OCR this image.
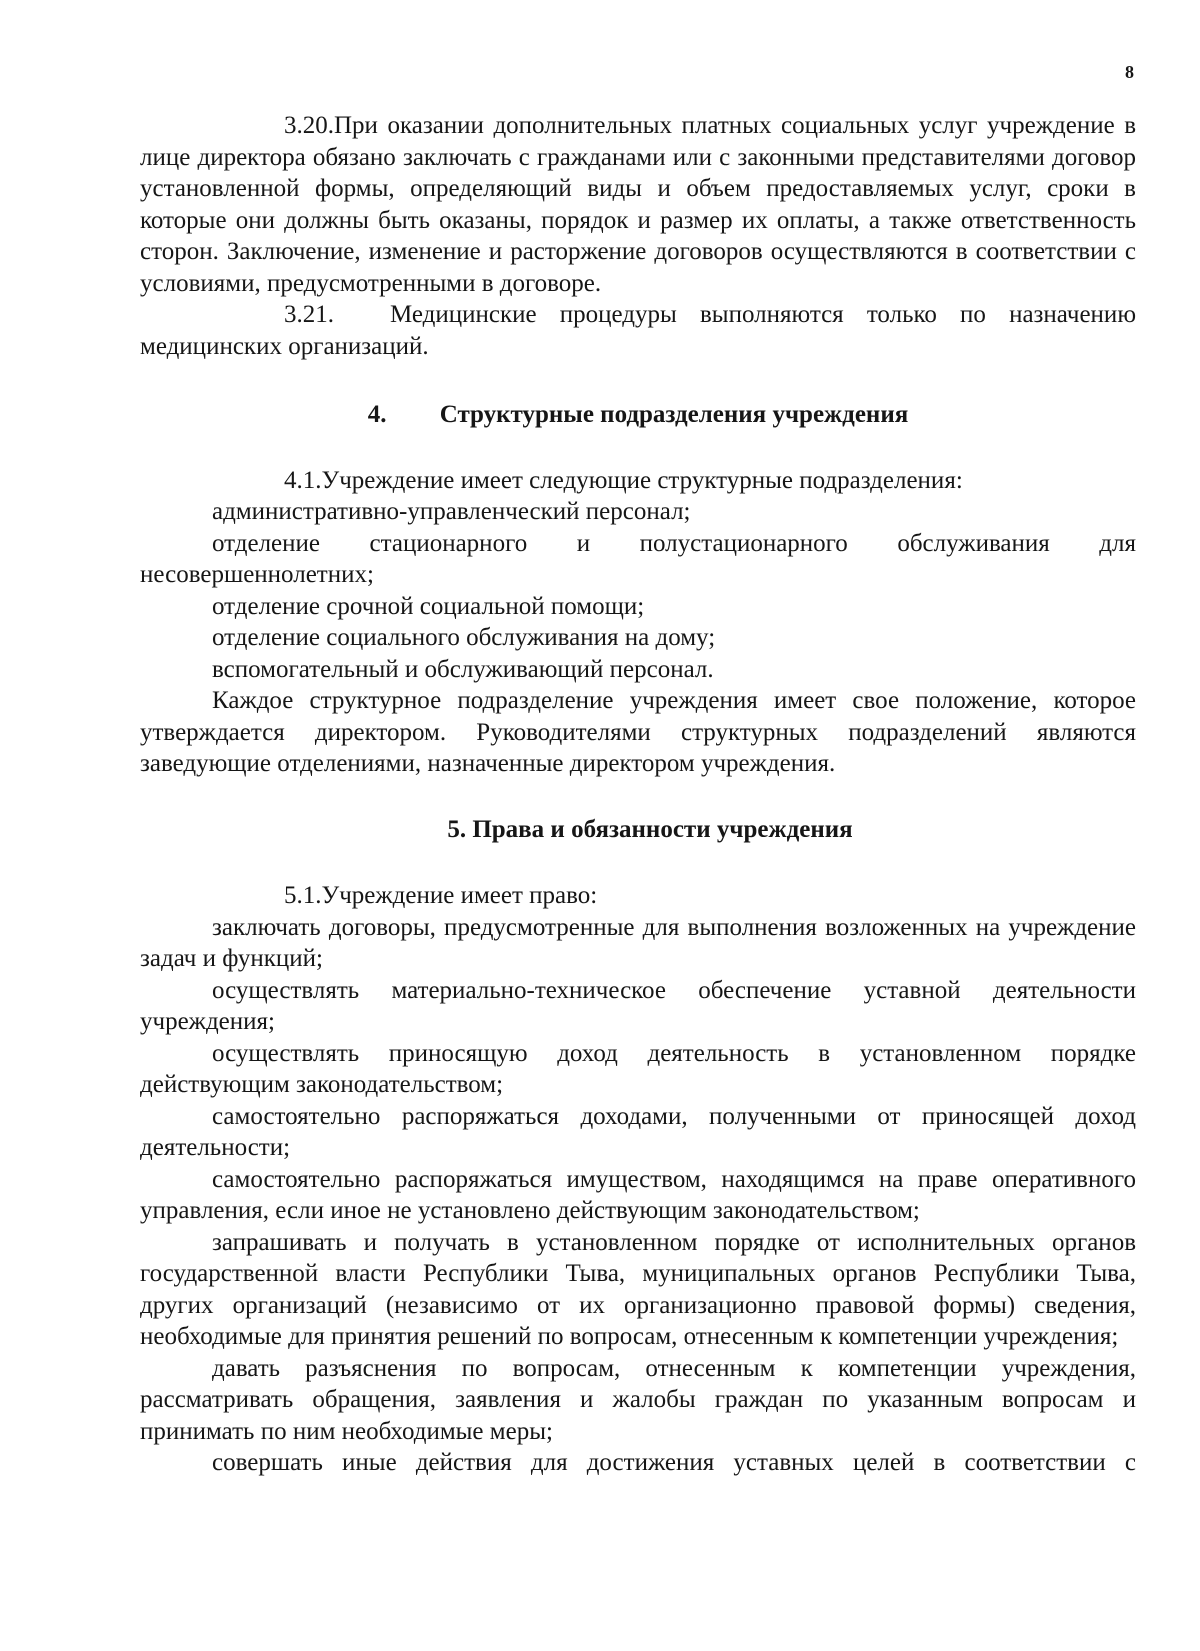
8

3.20.При оказании дополнительных платных социальных услуг учреждение в лице директора обязано заключать с гражданами или с законными представителями договор установленной формы, определяющий виды и объем предоставляемых услуг, сроки в которые они должны быть оказаны, порядок и размер их оплаты, а также ответственность сторон. Заключение, изменение и расторжение договоров осуществляются в соответствии с условиями, предусмотренными в договоре.

3.21. Медицинские процедуры выполняются только по назначению медицинских организаций.

4. Структурные подразделения учреждения

4.1.Учреждение имеет следующие структурные подразделения:

административно-управленческий персонал;

отделение стационарного и полустационарного обслуживания для несовершеннолетних;

отделение срочной социальной помощи;

отделение социального обслуживания на дому;

вспомогательный и обслуживающий персонал.

Каждое структурное подразделение учреждения имеет свое положение, которое утверждается директором. Руководителями структурных подразделений являются заведующие отделениями, назначенные директором учреждения.

5. Права и обязанности учреждения

5.1.Учреждение имеет право:

заключать договоры, предусмотренные для выполнения возложенных на учреждение задач и функций;

осуществлять материально-техническое обеспечение уставной деятельности учреждения;

осуществлять приносящую доход деятельность в установленном порядке действующим законодательством;

самостоятельно распоряжаться доходами, полученными от приносящей доход деятельности;

самостоятельно распоряжаться имуществом, находящимся на праве оперативного управления, если иное не установлено действующим законодательством;

запрашивать и получать в установленном порядке от исполнительных органов государственной власти Республики Тыва, муниципальных органов Республики Тыва, других организаций (независимо от их организационно правовой формы) сведения, необходимые для принятия решений по вопросам, отнесенным к компетенции учреждения;

давать разъяснения по вопросам, отнесенным к компетенции учреждения, рассматривать обращения, заявления и жалобы граждан по указанным вопросам и принимать по ним необходимые меры;

совершать иные действия для достижения уставных целей в соответствии с
